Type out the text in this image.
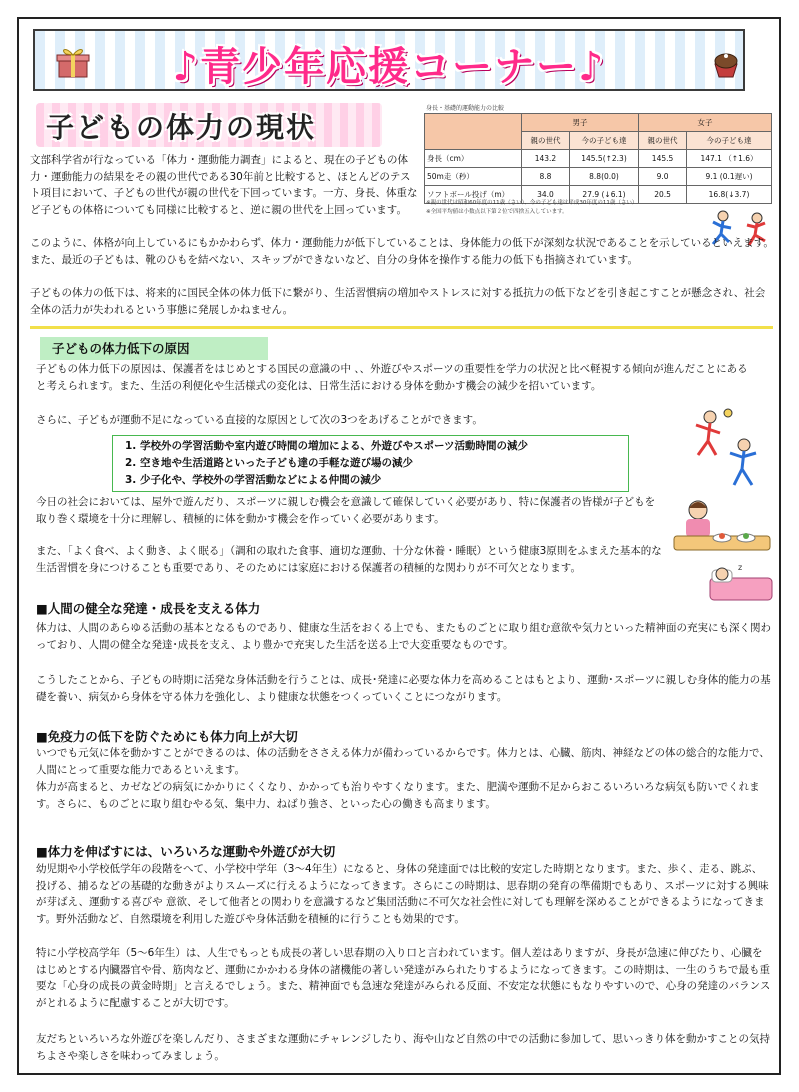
♪青少年応援コーナー♪
子どもの体力の現状
身長・基礎的運動能力の比較
	男子		女子	
	親の世代	今の子ども達	親の世代	今の子ども達
身長（cm）	143.2	145.5(↑2.3)	145.5	147.1 （↑1.6）
50m走（秒）	8.8	8.8(0.0)	9.0	9.1 (0.1遅い)
ソフトボール投げ（m）	34.0	27.9 (↓6.1)	20.5	16.8(↓3.7)
※親の世代は昭和60年度の11歳（さい）、今の子ども達は平成30年度の11歳（さい）
※全国平均値は小数点以下第２位で四捨五入しています。

文部科学省が行なっている「体力・運動能力調査」によると、現在の子どもの体力・運動能力の結果をその親の世代である30年前と比較すると、ほとんどのテスト項目において、子どもの世代が親の世代を下回っています。一方、身長、体重など子どもの体格についても同様に比較すると、逆に親の世代を上回っています。

このように、体格が向上しているにもかかわらず、体力・運動能力が低下していることは、身体能力の低下が深刻な状況であることを示しているといえます。また、最近の子どもは、靴のひもを結べない、スキップができないなど、自分の身体を操作する能力の低下も指摘されています。

子どもの体力の低下は、将来的に国民全体の体力低下に繋がり、生活習慣病の増加やストレスに対する抵抗力の低下などを引き起こすことが懸念され、社会全体の活力が失われるという事態に発展しかねません。

子どもの体力低下の原因

子どもの体力低下の原因は、保護者をはじめとする国民の意識の中 、、外遊びやスポーツの重要性を学力の状況と比べ軽視する傾向が進んだことにあると考えられます。また、生活の利便化や生活様式の変化は、日常生活における身体を動かす機会の減少を招いています。

さらに、子どもが運動不足になっている直接的な原因として次の3つをあげることができます。

1. 学校外の学習活動や室内遊び時間の増加による、外遊びやスポーツ活動時間の減少
2. 空き地や生活道路といった子ども達の手軽な遊び場の減少
3. 少子化や、学校外の学習活動などによる仲間の減少

今日の社会においては、屋外で遊んだり、スポーツに親しむ機会を意識して確保していく必要があり、特に保護者の皆様が子どもを取り巻く環境を十分に理解し、積極的に体を動かす機会を作っていく必要があります。

また、「よく食べ、よく動き、よく眠る」（調和の取れた食事、適切な運動、十分な休養・睡眠）という健康3原則をふまえた基本的な生活習慣を身につけることも重要であり、そのためには家庭における保護者の積極的な関わりが不可欠となります。	z
■人間の健全な発達・成長を支える体力

体力は、人間のあらゆる活動の基本となるものであり、健康な生活をおくる上でも、またものごとに取り組む意欲や気力といった精神面の充実にも深く関わっており、人間の健全な発達･成長を支え、より豊かで充実した生活を送る上で大変重要なものです。

こうしたことから、子どもの時期に活発な身体活動を行うことは、成長･発達に必要な体力を高めることはもとより、運動･スポーツに親しむ身体的能力の基礎を養い、病気から身体を守る体力を強化し、より健康な状態をつくっていくことにつながります。

■免疫力の低下を防ぐためにも体力向上が大切

いつでも元気に体を動かすことができるのは、体の活動をささえる体力が備わっているからです。体力とは、心臓、筋肉、神経などの体の総合的な能力で、人間にとって重要な能力であるといえます。

体力が高まると、カゼなどの病気にかかりにくくなり、かかっても治りやすくなります。また、肥満や運動不足からおこるいろいろな病気も防いでくれます。さらに、ものごとに取り組むやる気、集中力、ねばり強さ、といった心の働きも高まります。

■体力を伸ばすには、いろいろな運動や外遊びが大切

幼児期や小学校低学年の段階をへて、小学校中学年（3～4年生）になると、身体の発達面では比較的安定した時期となります。また、歩く、走る、跳ぶ、投げる、捕るなどの基礎的な動きがよりスムーズに行えるようになってきます。さらにこの時期は、思春期の発育の準備期でもあり、スポーツに対する興味が芽ばえ、運動する喜びや 意欲、そして他者との関わりを意識するなど集団活動に不可欠な社会性に対しても理解を深めることができるようになってきます。野外活動など、自然環境を利用した遊びや身体活動を積極的に行うことも効果的です。

特に小学校高学年（5～6年生）は、人生でもっとも成長の著しい思春期の入り口と言われています。個人差はありますが、身長が急速に伸びたり、心臓をはじめとする内臓器官や骨、筋肉など、運動にかかわる身体の諸機能の著しい発達がみられたりするようになってきます。この時期は、一生のうちで最も重要な「心身の成長の黄金時期」と言えるでしょう。また、精神面でも急速な発達がみられる反面、不安定な状態にもなりやすいので、心身の発達のバランスがとれるように配慮することが大切です。

友だちといろいろな外遊びを楽しんだり、さまざまな運動にチャレンジしたり、海や山など自然の中での活動に参加して、思いっきり体を動かすことの気持ちよさや楽しさを味わってみましょう。
